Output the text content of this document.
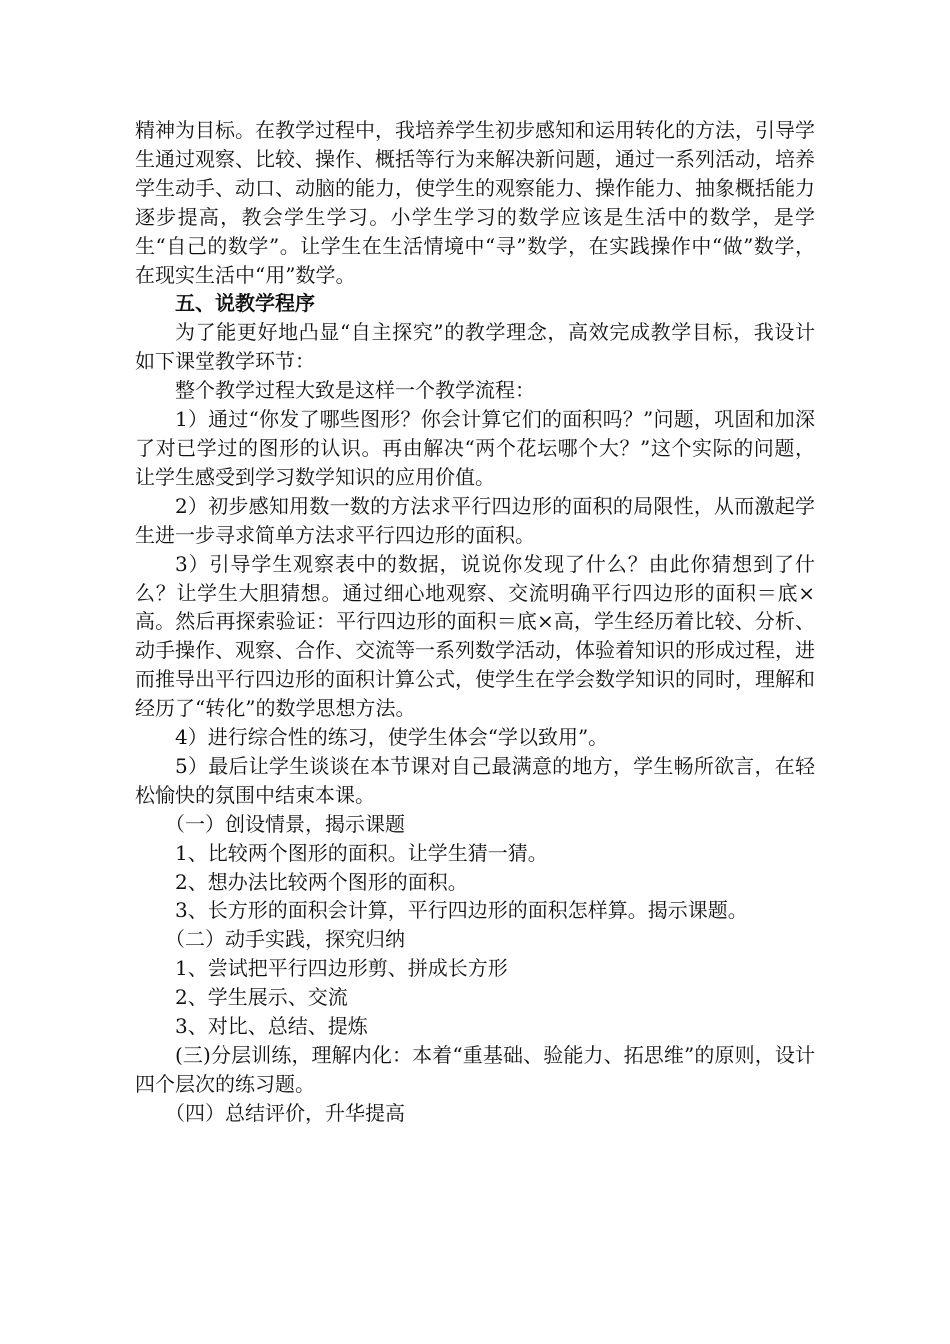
精神为目标。在教学过程中，我培养学生初步感知和运用转化的方法，引导学生通过观察、比较、操作、概括等行为来解决新问题，通过一系列活动，培养学生动手、动口、动脑的能力，使学生的观察能力、操作能力、抽象概括能力逐步提高，教会学生学习。小学生学习的数学应该是生活中的数学，是学生“自己的数学”。让学生在生活情境中“寻”数学，在实践操作中“做”数学，在现实生活中“用”数学。

五、说教学程序

为了能更好地凸显“自主探究”的教学理念，高效完成教学目标，我设计如下课堂教学环节：

整个教学过程大致是这样一个教学流程：

1）通过“你发了哪些图形？你会计算它们的面积吗？”问题，巩固和加深了对已学过的图形的认识。再由解决“两个花坛哪个大？”这个实际的问题，让学生感受到学习数学知识的应用价值。

2）初步感知用数一数的方法求平行四边形的面积的局限性，从而激起学生进一步寻求简单方法求平行四边形的面积。

3）引导学生观察表中的数据，说说你发现了什么？由此你猜想到了什么？让学生大胆猜想。通过细心地观察、交流明确平行四边形的面积＝底×高。然后再探索验证：平行四边形的面积＝底×高，学生经历着比较、分析、动手操作、观察、合作、交流等一系列数学活动，体验着知识的形成过程，进而推导出平行四边形的面积计算公式，使学生在学会数学知识的同时，理解和经历了“转化”的数学思想方法。

4）进行综合性的练习，使学生体会“学以致用”。

5）最后让学生谈谈在本节课对自己最满意的地方，学生畅所欲言，在轻松愉快的氛围中结束本课。

（一）创设情景，揭示课题

1、比较两个图形的面积。让学生猜一猜。

2、想办法比较两个图形的面积。

3、长方形的面积会计算，平行四边形的面积怎样算。揭示课题。

（二）动手实践，探究归纳

1、尝试把平行四边形剪、拼成长方形

2、学生展示、交流

3、对比、总结、提炼

(三)分层训练，理解内化：本着“重基础、验能力、拓思维”的原则，设计四个层次的练习题。

（四）总结评价，升华提高
